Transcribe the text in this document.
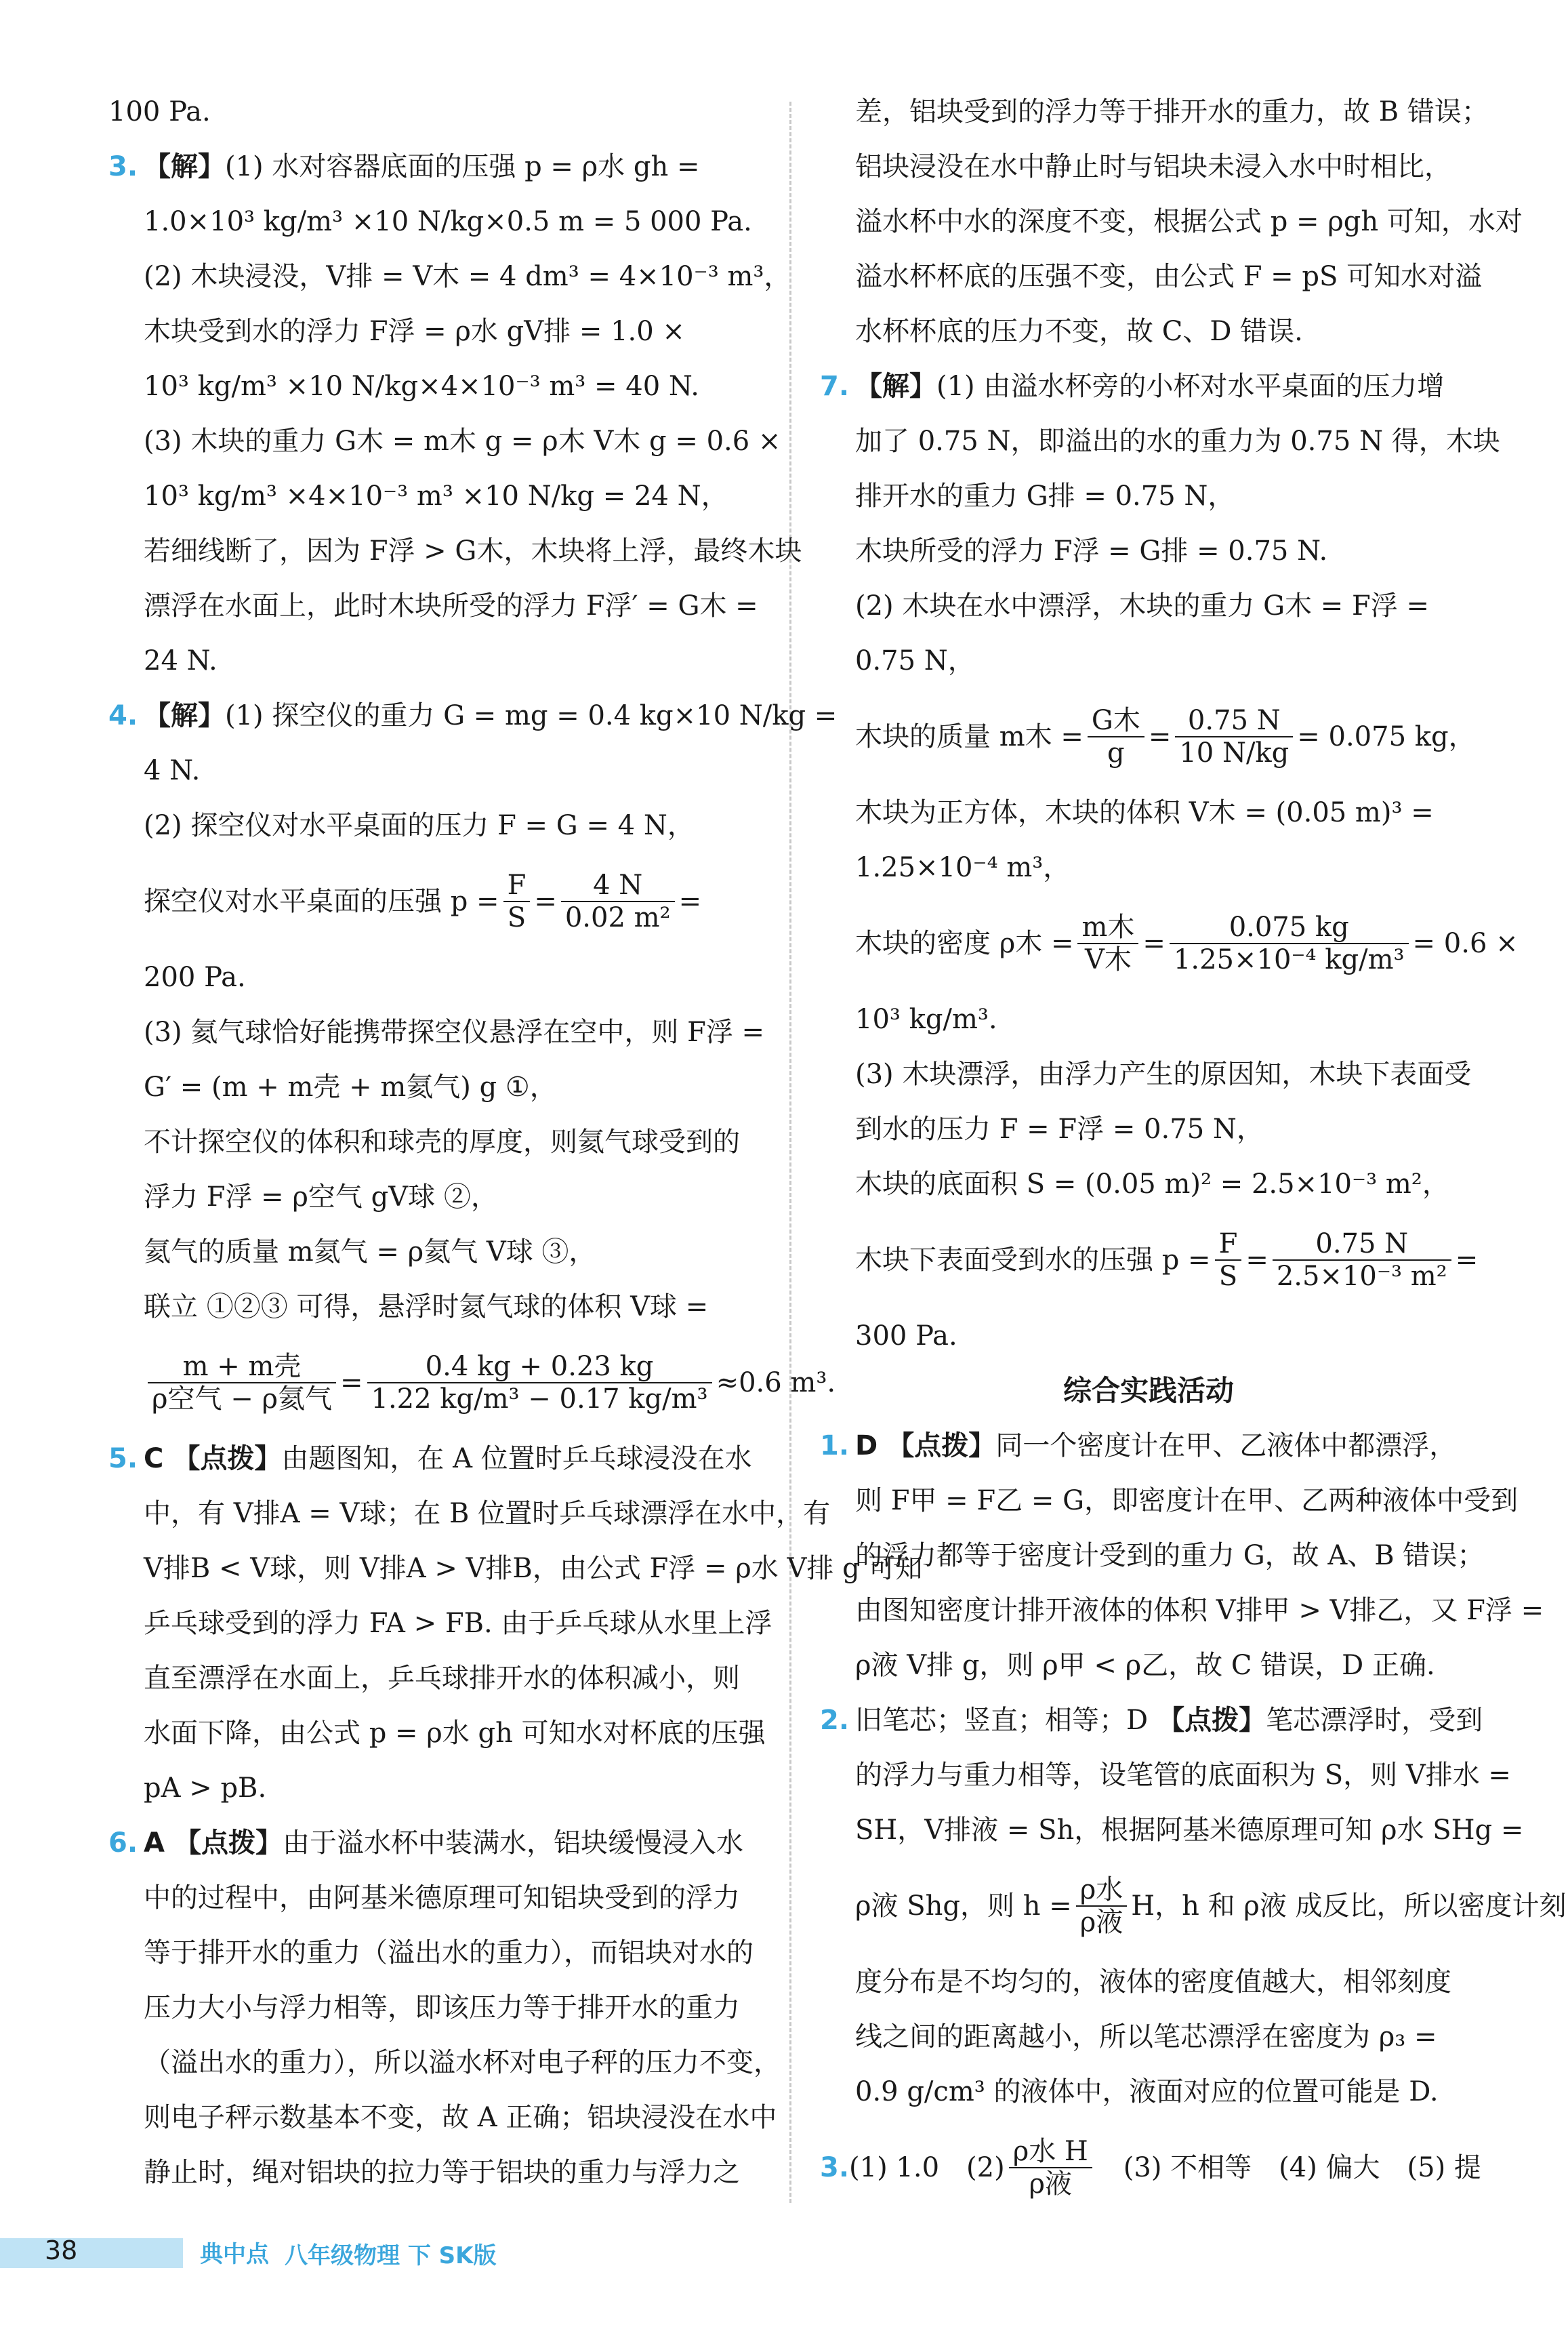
100 Pa.
3. 【解】(1) 水对容器底面的压强 p = ρ水 gh =
1.0×10³ kg/m³ ×10 N/kg×0.5 m = 5 000 Pa.
(2) 木块浸没，V排 = V木 = 4 dm³ = 4×10⁻³ m³，
木块受到水的浮力 F浮 = ρ水 gV排 = 1.0 ×
10³ kg/m³ ×10 N/kg×4×10⁻³ m³ = 40 N.
(3) 木块的重力 G木 = m木 g = ρ木 V木 g = 0.6 ×
10³ kg/m³ ×4×10⁻³ m³ ×10 N/kg = 24 N，
若细线断了，因为 F浮 > G木，木块将上浮，最终木块
漂浮在水面上，此时木块所受的浮力 F浮′ = G木 =
24 N.
4. 【解】(1) 探空仪的重力 G = mg = 0.4 kg×10 N/kg =
4 N.
(2) 探空仪对水平桌面的压力 F = G = 4 N，
探空仪对水平桌面的压强 $p = \frac{F}{S} = \frac{4 N}{\text{0.02 m²}}$ =
200 Pa.
(3) 氦气球恰好能携带探空仪悬浮在空中，则 F浮 =
G′ = (m + m壳 + m氦气) g ①，
不计探空仪的体积和球壳的厚度，则氦气球受到的
浮力 F浮 = ρ空气 gV球 ②，
氦气的质量 m氦气 = ρ氦气 V球 ③，
联立 ①②③ 可得，悬浮时氦气球的体积 V球 =
$\frac{\text{m + m壳}}{\text{ρ空气 − ρ氦气}} = \frac{0.4 kg + 0.23 kg}{\text{1.22 kg/m³ − 0.17 kg/m³}} \approx 0.6$ m³.
5. C 【点拨】由题图知，在 A 位置时乒乓球浸没在水
中，有 V排A = V球；在 B 位置时乒乓球漂浮在水中，有
V排B < V球，则 V排A > V排B，由公式 F浮 = ρ水 V排 g 可知
乒乓球受到的浮力 FA > FB. 由于乒乓球从水里上浮
直至漂浮在水面上，乒乓球排开水的体积减小，则
水面下降，由公式 p = ρ水 gh 可知水对杯底的压强
pA > pB.
6. A 【点拨】由于溢水杯中装满水，铝块缓慢浸入水
中的过程中，由阿基米德原理可知铝块受到的浮力
等于排开水的重力（溢出水的重力），而铝块对水的
压力大小与浮力相等，即该压力等于排开水的重力
（溢出水的重力），所以溢水杯对电子秤的压力不变，
则电子秤示数基本不变，故 A 正确；铝块浸没在水中
静止时，绳对铝块的拉力等于铝块的重力与浮力之
差，铝块受到的浮力等于排开水的重力，故 B 错误；
铝块浸没在水中静止时与铝块未浸入水中时相比，
溢水杯中水的深度不变，根据公式 p = ρgh 可知，水对
溢水杯杯底的压强不变，由公式 F = pS 可知水对溢
水杯杯底的压力不变，故 C、D 错误.
7. 【解】(1) 由溢水杯旁的小杯对水平桌面的压力增
加了 0.75 N，即溢出的水的重力为 0.75 N 得，木块
排开水的重力 G排 = 0.75 N，
木块所受的浮力 F浮 = G排 = 0.75 N.
(2) 木块在水中漂浮，木块的重力 G木 = F浮 =
0.75 N，
木块的质量 m木 = $\frac{\text{G木}}{g} = \frac{0.75 N}{10 N/kg} = 0.075$ kg，
木块为正方体，木块的体积 V木 = (0.05 m)³ =
1.25×10⁻⁴ m³，
木块的密度 ρ木 = $\frac{\text{m木}}{\text{V木}} = \frac{0.075 kg}{\text{1.25×10⁻⁴ kg/m³}} = 0.6$ ×
10³ kg/m³.
(3) 木块漂浮，由浮力产生的原因知，木块下表面受
到水的压力 F = F浮 = 0.75 N，
木块的底面积 S = (0.05 m)² = 2.5×10⁻³ m²，
木块下表面受到水的压强 $p = \frac{F}{S} = \frac{0.75 N}{\text{2.5×10⁻³ m²}}$ =
300 Pa.
综合实践活动
1. D 【点拨】同一个密度计在甲、乙液体中都漂浮，
则 F甲 = F乙 = G，即密度计在甲、乙两种液体中受到
的浮力都等于密度计受到的重力 G，故 A、B 错误；
由图知密度计排开液体的体积 V排甲 > V排乙，又 F浮 =
ρ液 V排 g，则 ρ甲 < ρ乙，故 C 错误，D 正确.
2. 旧笔芯；竖直；相等；D 【点拨】笔芯漂浮时，受到
的浮力与重力相等，设笔管的底面积为 S，则 V排水 =
SH，V排液 = Sh，根据阿基米德原理可知 ρ水 SHg =
ρ液 Shg，则 $h = \frac{\text{ρ水}}{\text{ρ液}}$ H，h 和 ρ液 成反比，所以密度计刻
度分布是不均匀的，液体的密度值越大，相邻刻度
线之间的距离越小，所以笔芯漂浮在密度为 ρ₃ =
0.9 g/cm³ 的液体中，液面对应的位置可能是 D.
3. (1) 1.0　$(2) \frac{\text{ρ水 H}}{\text{ρ液}}$ 　(3) 不相等　(4) 偏大　(5) 提
38	典中点 八年级物理 下 SK版
